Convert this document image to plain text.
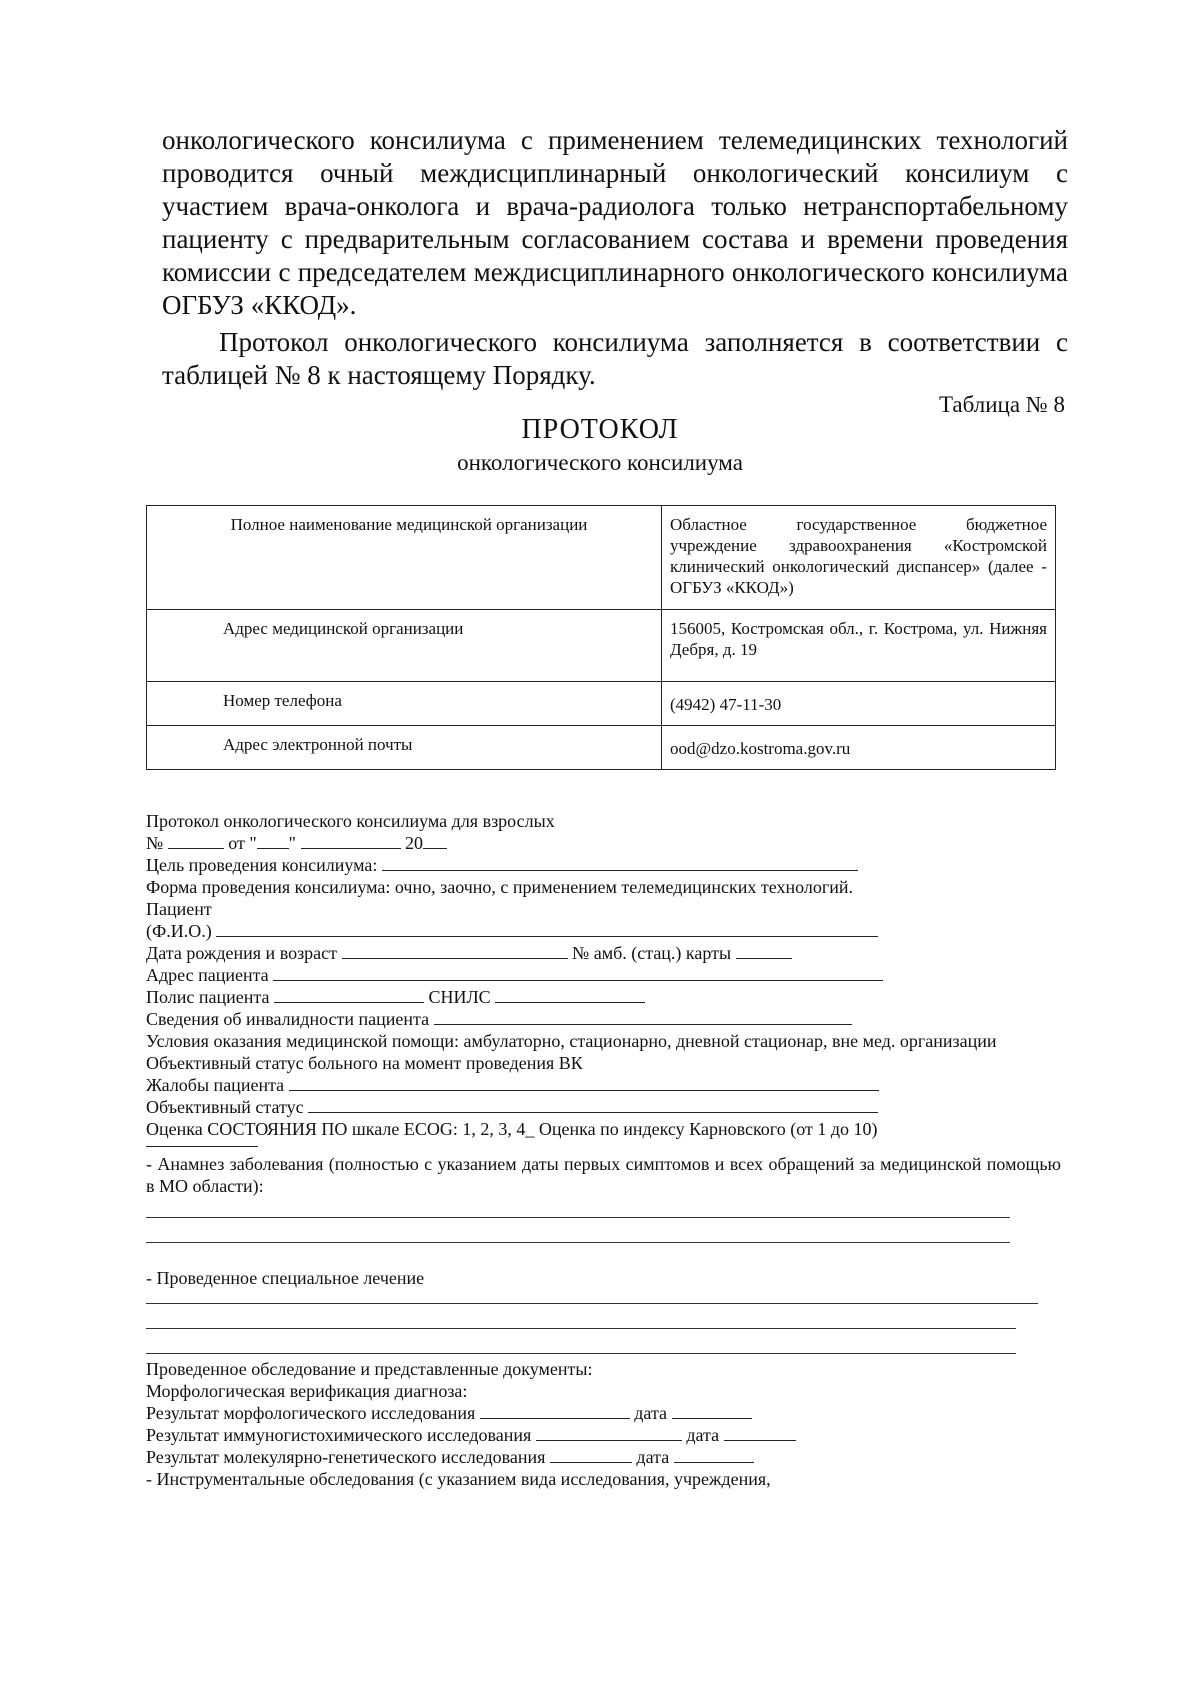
онкологического консилиума с применением телемедицинских технологий проводится очный междисциплинарный онкологический консилиум с участием врача-онколога и врача-радиолога только нетранспортабельному пациенту с предварительным согласованием состава и времени проведения комиссии с председателем междисциплинарного онкологического консилиума ОГБУЗ «ККОД».

Протокол онкологического консилиума заполняется в соответствии с таблицей № 8 к настоящему Порядку.

Таблица № 8
ПРОТОКОЛ
онкологического консилиума
Полное наименование медицинской организации	Областное государственное бюджетное учреждение здравоохранения «Костромской клинический онкологический диспансер» (далее - ОГБУЗ «ККОД»)
Адрес медицинской организации	156005, Костромская обл., г. Кострома, ул. Нижняя Дебря, д. 19
Номер телефона	(4942) 47-11-30
Адрес электронной почты	ood@dzo.kostroma.gov.ru
Протокол онкологического консилиума для взрослых
№	от " "	20
Цель проведения консилиума:
Форма проведения консилиума: очно, заочно, с применением телемедицинских технологий.
Пациент
(Ф.И.О.)
Дата рождения и возраст	№ амб. (стац.) карты
Адрес пациента
Полис пациента	СНИЛС
Сведения об инвалидности пациента
Условия оказания медицинской помощи: амбулаторно, стационарно, дневной стационар, вне мед. организации
Объективный статус больного на момент проведения ВК
Жалобы пациента
Объективный статус
Оценка СОСТОЯНИЯ ПО шкале ECOG: 1, 2, 3, 4_ Оценка по индексу Карновского (от 1 до 10)
- Анамнез заболевания (полностью с указанием даты первых симптомов и всех обращений за медицинской помощью в МО области):
- Проведенное специальное лечение
Проведенное обследование и представленные документы:
Морфологическая верификация диагноза:
Результат морфологического исследования	дата
Результат иммуногистохимического исследования	дата
Результат молекулярно-генетического исследования	дата
- Инструментальные обследования (с указанием вида исследования, учреждения,
